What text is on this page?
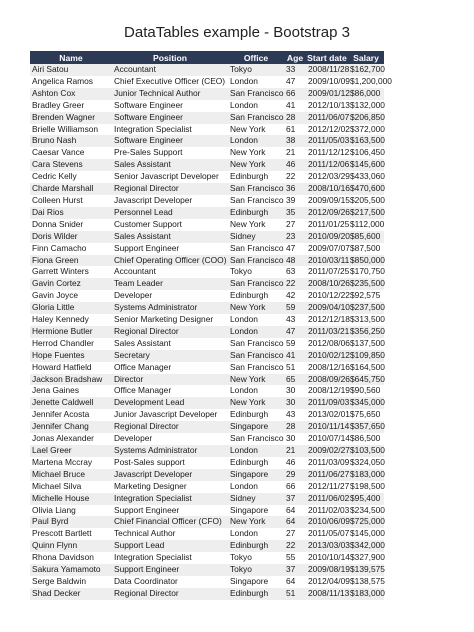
DataTables example - Bootstrap 3
Name	Position	Office	Age	Start date	Salary
Airi Satou	Accountant	Tokyo	33	2008/11/28	$162,700
Angelica Ramos	Chief Executive Officer (CEO)	London	47	2009/10/09	$1,200,000
Ashton Cox	Junior Technical Author	San Francisco	66	2009/01/12	$86,000
Bradley Greer	Software Engineer	London	41	2012/10/13	$132,000
Brenden Wagner	Software Engineer	San Francisco	28	2011/06/07	$206,850
Brielle Williamson	Integration Specialist	New York	61	2012/12/02	$372,000
Bruno Nash	Software Engineer	London	38	2011/05/03	$163,500
Caesar Vance	Pre-Sales Support	New York	21	2011/12/12	$106,450
Cara Stevens	Sales Assistant	New York	46	2011/12/06	$145,600
Cedric Kelly	Senior Javascript Developer	Edinburgh	22	2012/03/29	$433,060
Charde Marshall	Regional Director	San Francisco	36	2008/10/16	$470,600
Colleen Hurst	Javascript Developer	San Francisco	39	2009/09/15	$205,500
Dai Rios	Personnel Lead	Edinburgh	35	2012/09/26	$217,500
Donna Snider	Customer Support	New York	27	2011/01/25	$112,000
Doris Wilder	Sales Assistant	Sidney	23	2010/09/20	$85,600
Finn Camacho	Support Engineer	San Francisco	47	2009/07/07	$87,500
Fiona Green	Chief Operating Officer (COO)	San Francisco	48	2010/03/11	$850,000
Garrett Winters	Accountant	Tokyo	63	2011/07/25	$170,750
Gavin Cortez	Team Leader	San Francisco	22	2008/10/26	$235,500
Gavin Joyce	Developer	Edinburgh	42	2010/12/22	$92,575
Gloria Little	Systems Administrator	New York	59	2009/04/10	$237,500
Haley Kennedy	Senior Marketing Designer	London	43	2012/12/18	$313,500
Hermione Butler	Regional Director	London	47	2011/03/21	$356,250
Herrod Chandler	Sales Assistant	San Francisco	59	2012/08/06	$137,500
Hope Fuentes	Secretary	San Francisco	41	2010/02/12	$109,850
Howard Hatfield	Office Manager	San Francisco	51	2008/12/16	$164,500
Jackson Bradshaw	Director	New York	65	2008/09/26	$645,750
Jena Gaines	Office Manager	London	30	2008/12/19	$90,560
Jenette Caldwell	Development Lead	New York	30	2011/09/03	$345,000
Jennifer Acosta	Junior Javascript Developer	Edinburgh	43	2013/02/01	$75,650
Jennifer Chang	Regional Director	Singapore	28	2010/11/14	$357,650
Jonas Alexander	Developer	San Francisco	30	2010/07/14	$86,500
Lael Greer	Systems Administrator	London	21	2009/02/27	$103,500
Martena Mccray	Post-Sales support	Edinburgh	46	2011/03/09	$324,050
Michael Bruce	Javascript Developer	Singapore	29	2011/06/27	$183,000
Michael Silva	Marketing Designer	London	66	2012/11/27	$198,500
Michelle House	Integration Specialist	Sidney	37	2011/06/02	$95,400
Olivia Liang	Support Engineer	Singapore	64	2011/02/03	$234,500
Paul Byrd	Chief Financial Officer (CFO)	New York	64	2010/06/09	$725,000
Prescott Bartlett	Technical Author	London	27	2011/05/07	$145,000
Quinn Flynn	Support Lead	Edinburgh	22	2013/03/03	$342,000
Rhona Davidson	Integration Specialist	Tokyo	55	2010/10/14	$327,900
Sakura Yamamoto	Support Engineer	Tokyo	37	2009/08/19	$139,575
Serge Baldwin	Data Coordinator	Singapore	64	2012/04/09	$138,575
Shad Decker	Regional Director	Edinburgh	51	2008/11/13	$183,000
